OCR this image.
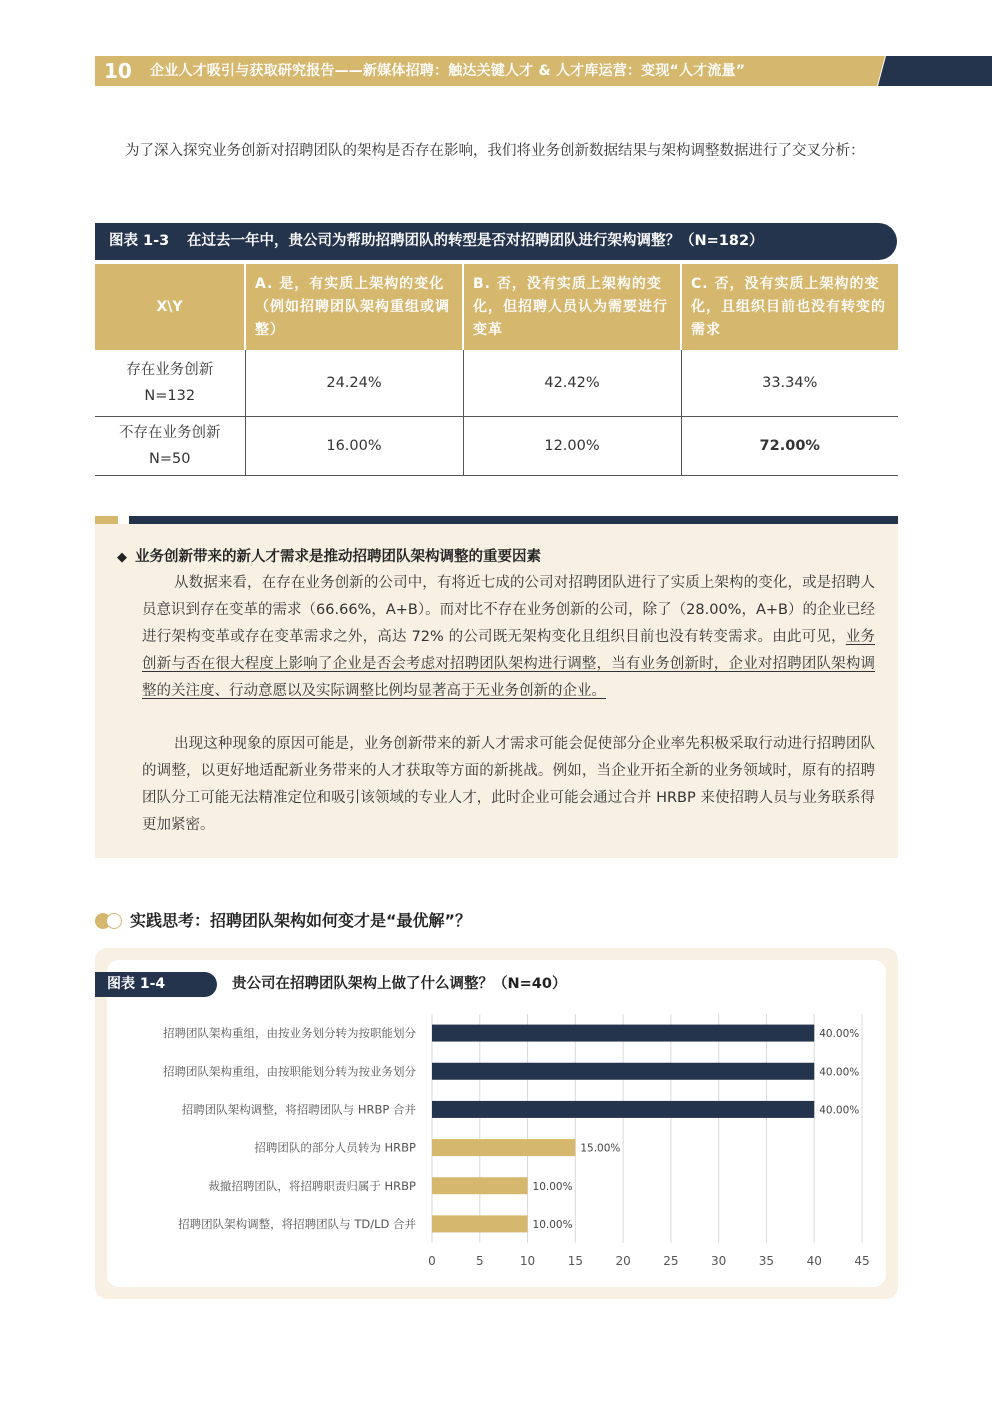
10 企业人才吸引与获取研究报告——新媒体招聘：触达关键人才 & 人才库运营：变现“人才流量”

为了深入探究业务创新对招聘团队的架构是否存在影响，我们将业务创新数据结果与架构调整数据进行了交叉分析：

图表 1-3 在过去一年中，贵公司为帮助招聘团队的转型是否对招聘团队进行架构调整？（N=182）
X\Y	A. 是，有实质上架构的变化（例如招聘团队架构重组或调整）	B. 否，没有实质上架构的变化，但招聘人员认为需要进行变革	C. 否，没有实质上架构的变化，且组织目前也没有转变的需求

存在业务创新
N=132	24.24%	42.42%	33.34%

不存在业务创新
N=50	16.00%	12.00%	72.00%
◆ 业务创新带来的新人才需求是推动招聘团队架构调整的重要因素

从数据来看，在存在业务创新的公司中，有将近七成的公司对招聘团队进行了实质上架构的变化，或是招聘人员意识到存在变革的需求（66.66%，A+B）。而对比不存在业务创新的公司，除了（28.00%，A+B）的企业已经进行架构变革或存在变革需求之外，高达 72% 的公司既无架构变化且组织目前也没有转变需求。由此可见，业务创新与否在很大程度上影响了企业是否会考虑对招聘团队架构进行调整，当有业务创新时，企业对招聘团队架构调整的关注度、行动意愿以及实际调整比例均显著高于无业务创新的企业。

出现这种现象的原因可能是，业务创新带来的新人才需求可能会促使部分企业率先积极采取行动进行招聘团队的调整，以更好地适配新业务带来的人才获取等方面的新挑战。例如，当企业开拓全新的业务领域时，原有的招聘团队分工可能无法精准定位和吸引该领域的专业人才，此时企业可能会通过合并 HRBP 来使招聘人员与业务联系得更加紧密。

实践思考：招聘团队架构如何变才是“最优解”？
图表 1-4	贵公司在招聘团队架构上做了什么调整？（N=40）
40.00%
招聘团队架构重组，由按业务划分转为按职能划分
40.00%
招聘团队架构重组，由按职能划分转为按业务划分
40.00%
招聘团队架构调整，将招聘团队与 HRBP 合并
15.00%
招聘团队的部分人员转为 HRBP
10.00%
裁撤招聘团队，将招聘职责归属于 HRBP
10.00%
招聘团队架构调整，将招聘团队与 TD/LD 合并
0	5	10	15	20	25	30	35	40	45
